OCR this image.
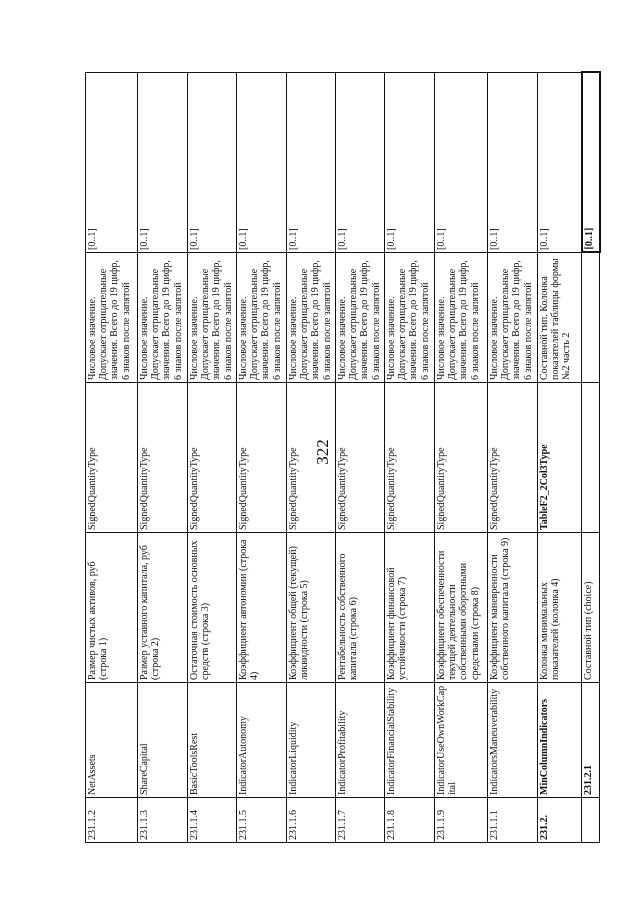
322
231.1.2	NetAssets	Размер чистых активов, руб (строка 1)	SignedQuantityType	Числовое значение. Допускает отрицательные значения. Всего до 19 цифр, 6 знаков после запятой	[0..1]
231.1.3	ShareCapital	Размер уставного капитала, руб (строка 2)	SignedQuantityType	Числовое значение. Допускает отрицательные значения. Всего до 19 цифр, 6 знаков после запятой	[0..1]
231.1.4	BasicToolsRest	Остаточная стоимость основных средств (строка 3)	SignedQuantityType	Числовое значение. Допускает отрицательные значения. Всего до 19 цифр, 6 знаков после запятой	[0..1]
231.1.5	IndicatorAutonomy	Коэффициент автономии (строка 4)	SignedQuantityType	Числовое значение. Допускает отрицательные значения. Всего до 19 цифр, 6 знаков после запятой	[0..1]
231.1.6	IndicatorLiquidity	Коэффициент общей (текущей) ликвидности (строка 5)	SignedQuantityType	Числовое значение. Допускает отрицательные значения. Всего до 19 цифр, 6 знаков после запятой	[0..1]
231.1.7	IndicatorProfitability	Рентабельность собственного капитала (строка 6)	SignedQuantityType	Числовое значение. Допускает отрицательные значения. Всего до 19 цифр, 6 знаков после запятой	[0..1]
231.1.8	IndicatorFinancialStability	Коэффициент финансовой устойчивости (строка 7)	SignedQuantityType	Числовое значение. Допускает отрицательные значения. Всего до 19 цифр, 6 знаков после запятой	[0..1]
231.1.9	IndicatorUseOwnWorkCapital	Коэффициент обеспеченности текущей деятельности собственными оборотными средствами (строка 8)	SignedQuantityType	Числовое значение. Допускает отрицательные значения. Всего до 19 цифр, 6 знаков после запятой	[0..1]
231.1.1	IndicatorsManeuverability	Коэффициент маневренности собственного капитала (строка 9)	SignedQuantityType	Числовое значение. Допускает отрицательные значения. Всего до 19 цифр, 6 знаков после запятой	[0..1]
231.2.	MinColumnIndicators	Колонка минимальных показателей (колонка 4)	TableF2_2Col3Type	Составной тип. Колонка показателей таблицы формы №2 часть 2	[0..1]
	231.2.1	Составной тип (choice)			[0..1]
